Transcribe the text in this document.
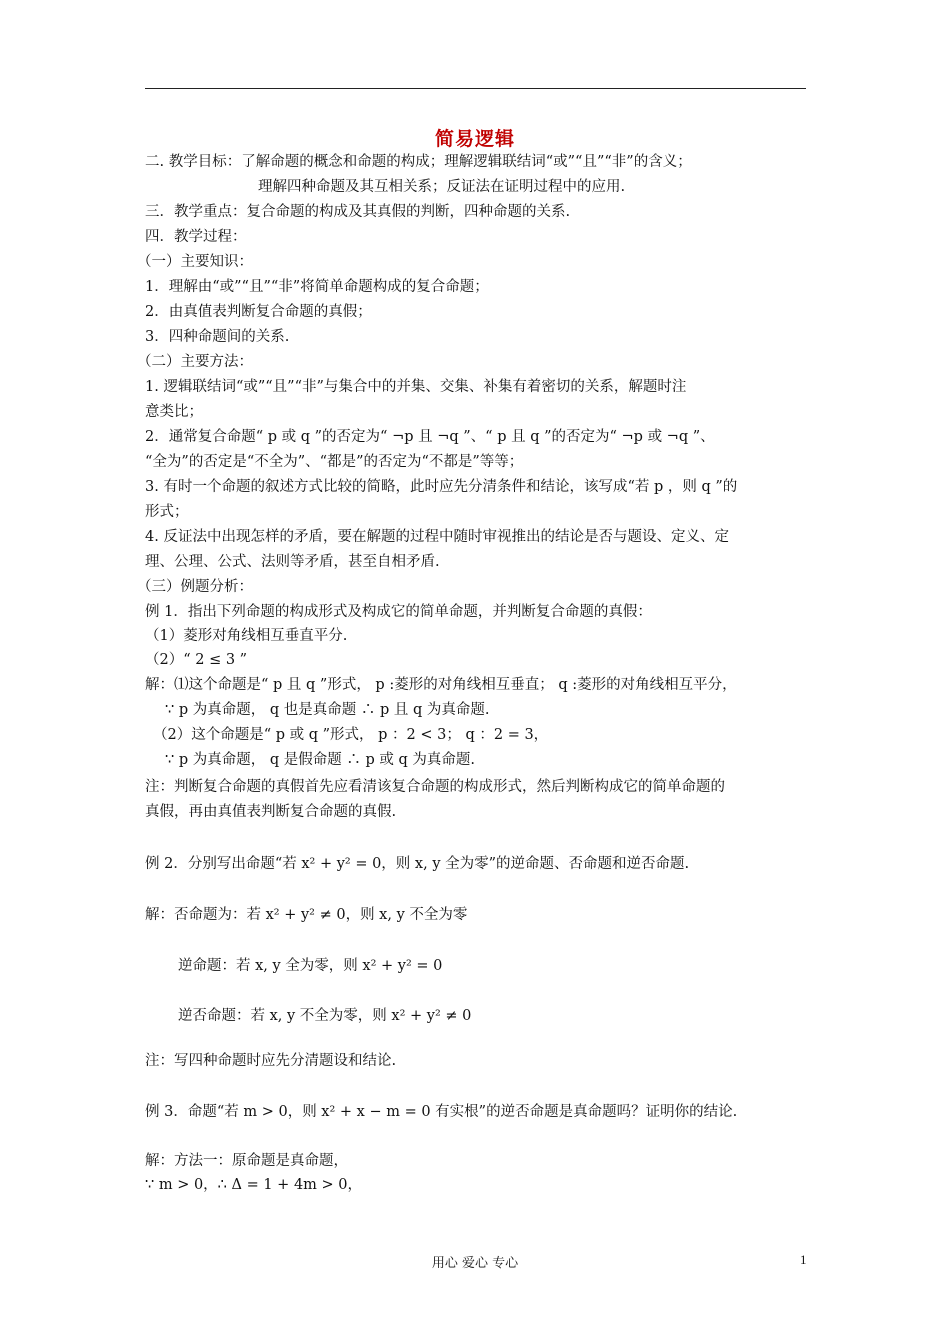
简易逻辑
二. 教学目标：了解命题的概念和命题的构成；理解逻辑联结词“或”“且”“非”的含义；
理解四种命题及其互相关系；反证法在证明过程中的应用.
三．教学重点：复合命题的构成及其真假的判断，四种命题的关系.
四．教学过程：
（一）主要知识：
1．理解由“或”“且”“非”将简单命题构成的复合命题；
2．由真值表判断复合命题的真假；
3．四种命题间的关系.
（二）主要方法：
1. 逻辑联结词“或”“且”“非”与集合中的并集、交集、补集有着密切的关系，解题时注
意类比；
2．通常复合命题“ p 或 q ”的否定为“ ¬p 且 ¬q ”、“ p 且 q ”的否定为“ ¬p 或 ¬q ”、
“全为”的否定是“不全为”、“都是”的否定为“不都是”等等；
3. 有时一个命题的叙述方式比较的简略，此时应先分清条件和结论，该写成“若 p ，则 q ”的
形式；
4. 反证法中出现怎样的矛盾，要在解题的过程中随时审视推出的结论是否与题设、定义、定
理、公理、公式、法则等矛盾，甚至自相矛盾.
（三）例题分析：
例 1．指出下列命题的构成形式及构成它的简单命题，并判断复合命题的真假：
（1）菱形对角线相互垂直平分.
（2）“ 2 ≤ 3 ”
解：⑴这个命题是“ p 且 q ”形式， p :菱形的对角线相互垂直； q :菱形的对角线相互平分，
∵ p 为真命题， q 也是真命题 ∴ p 且 q 为真命题.
（2）这个命题是“ p 或 q ”形式， p ：2 < 3； q ：2 = 3，
∵ p 为真命题， q 是假命题 ∴ p 或 q 为真命题.
注：判断复合命题的真假首先应看清该复合命题的构成形式，然后判断构成它的简单命题的
真假，再由真值表判断复合命题的真假.
例 2．分别写出命题“若 x² + y² = 0，则 x, y 全为零”的逆命题、否命题和逆否命题.
解：否命题为：若 x² + y² ≠ 0，则 x, y 不全为零
逆命题：若 x, y 全为零，则 x² + y² = 0
逆否命题：若 x, y 不全为零，则 x² + y² ≠ 0
注：写四种命题时应先分清题设和结论.
例 3．命题“若 m > 0，则 x² + x − m = 0 有实根”的逆否命题是真命题吗？证明你的结论.
解：方法一：原命题是真命题，
∵ m > 0，∴ Δ = 1 + 4m > 0，
用心 爱心 专心	1
